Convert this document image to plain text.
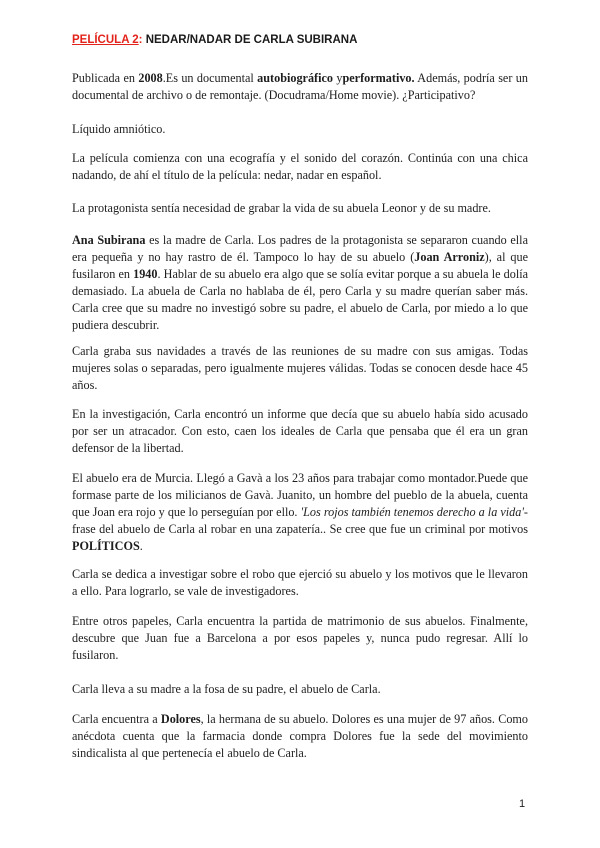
PELÍCULA 2: NEDAR/NADAR DE CARLA SUBIRANA

Publicada en 2008.Es un documental autobiográfico yperformativo. Además, podría ser un documental de archivo o de remontaje. (Docudrama/Home movie). ¿Participativo?

Líquido amniótico.

La película comienza con una ecografía y el sonido del corazón. Continúa con una chica nadando, de ahí el título de la película: nedar, nadar en español.

La protagonista sentía necesidad de grabar la vida de su abuela Leonor y de su madre.

Ana Subirana es la madre de Carla. Los padres de la protagonista se separaron cuando ella era pequeña y no hay rastro de él. Tampoco lo hay de su abuelo (Joan Arroniz), al que fusilaron en 1940. Hablar de su abuelo era algo que se solía evitar porque a su abuela le dolía demasiado. La abuela de Carla no hablaba de él, pero Carla y su madre querían saber más. Carla cree que su madre no investigó sobre su padre, el abuelo de Carla, por miedo a lo que pudiera descubrir.

Carla graba sus navidades a través de las reuniones de su madre con sus amigas. Todas mujeres solas o separadas, pero igualmente mujeres válidas. Todas se conocen desde hace 45 años.

En la investigación, Carla encontró un informe que decía que su abuelo había sido acusado por ser un atracador. Con esto, caen los ideales de Carla que pensaba que él era un gran defensor de la libertad.

El abuelo era de Murcia. Llegó a Gavà a los 23 años para trabajar como montador.Puede que formase parte de los milicianos de Gavà. Juanito, un hombre del pueblo de la abuela, cuenta que Joan era rojo y que lo perseguían por ello. 'Los rojos también tenemos derecho a la vida'- frase del abuelo de Carla al robar en una zapatería.. Se cree que fue un criminal por motivos POLÍTICOS.

Carla se dedica a investigar sobre el robo que ejerció su abuelo y los motivos que le llevaron a ello. Para lograrlo, se vale de investigadores.

Entre otros papeles, Carla encuentra la partida de matrimonio de sus abuelos. Finalmente, descubre que Juan fue a Barcelona a por esos papeles y, nunca pudo regresar. Allí lo fusilaron.

Carla lleva a su madre a la fosa de su padre, el abuelo de Carla.

Carla encuentra a Dolores, la hermana de su abuelo. Dolores es una mujer de 97 años. Como anécdota cuenta que la farmacia donde compra Dolores fue la sede del movimiento sindicalista al que pertenecía el abuelo de Carla.

1
